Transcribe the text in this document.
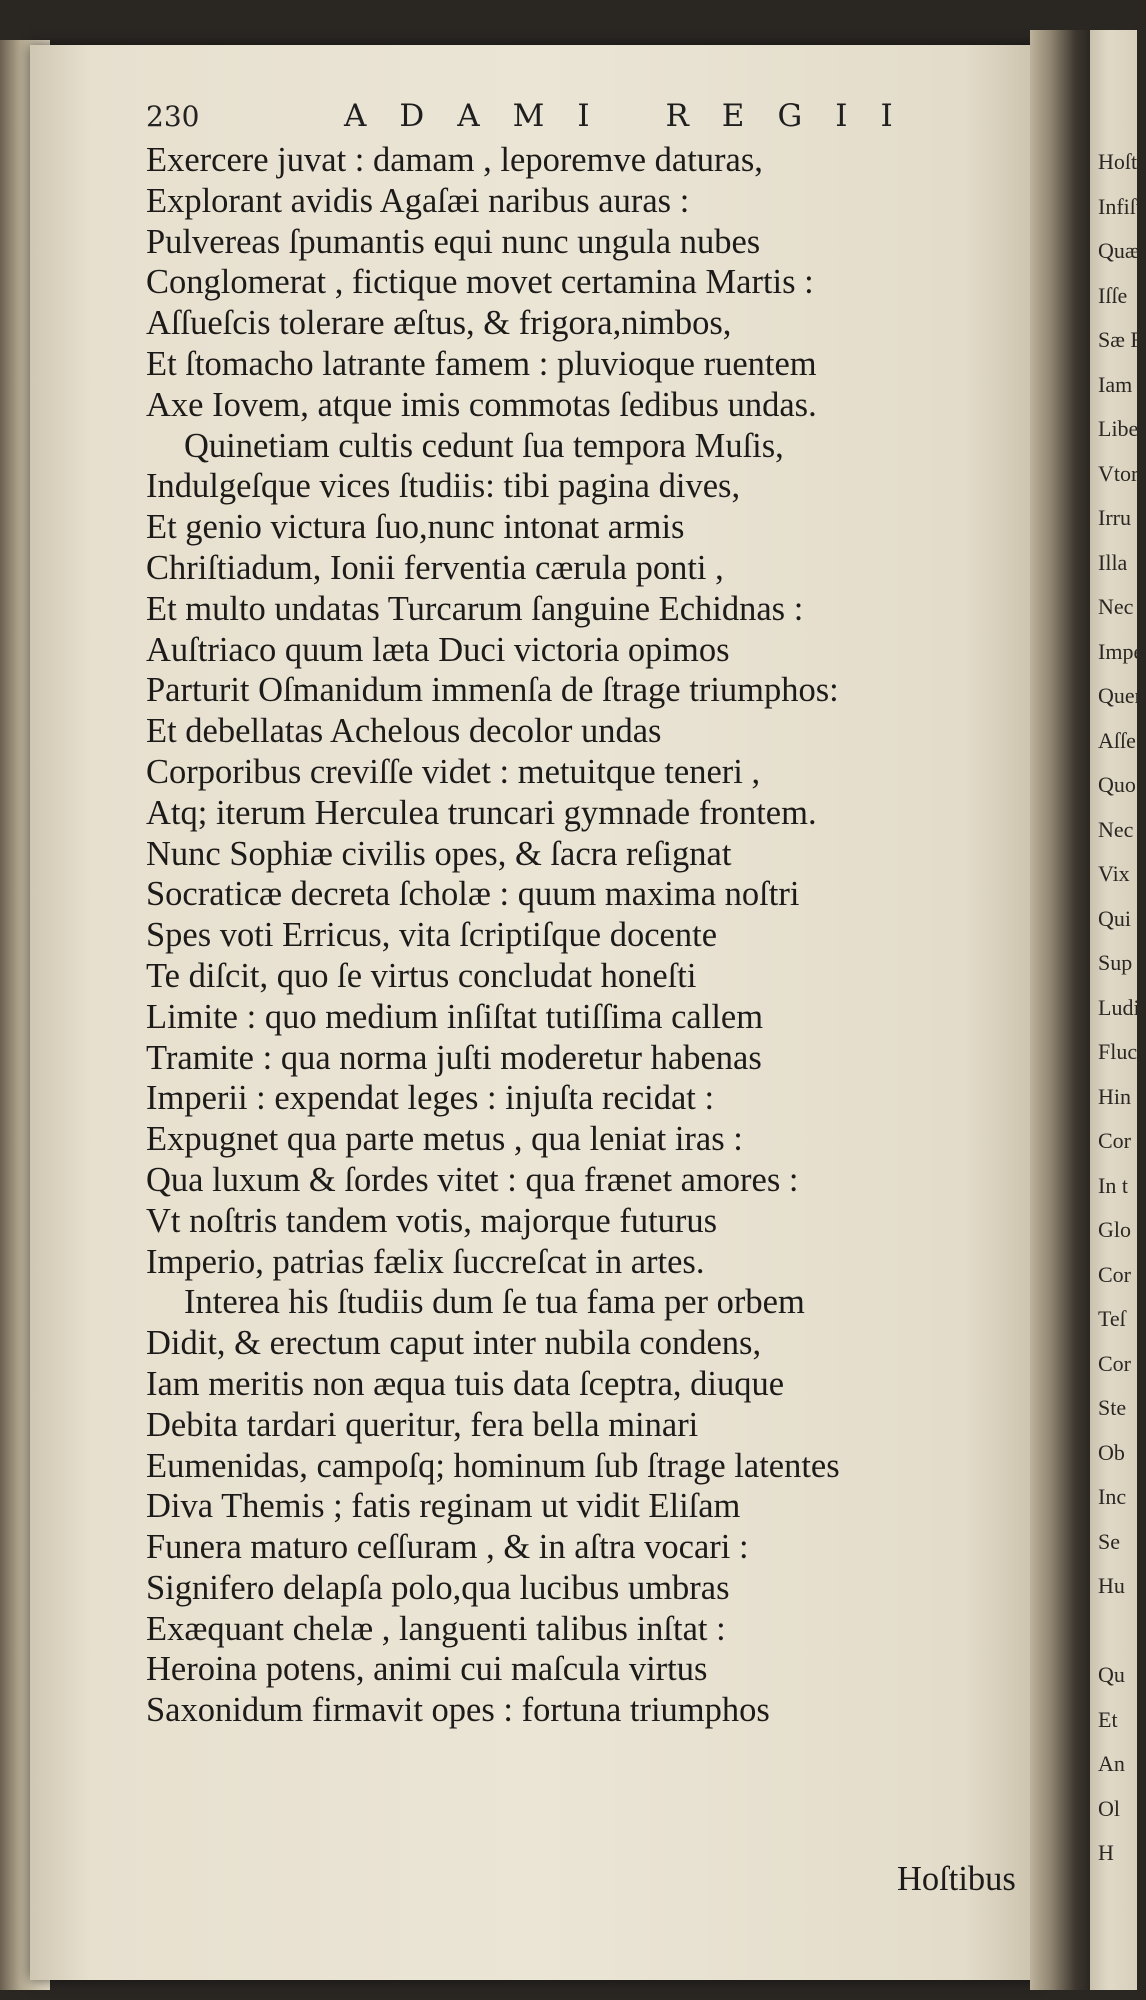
230	ADAMI REGII
Exercere juvat : damam , leporemve daturas,
Explorant avidis Agaſæi naribus auras :
Pulvereas ſpumantis equi nunc ungula nubes
Conglomerat , fictique movet certamina Martis :
Aſſueſcis tolerare æſtus, & frigora,nimbos,
Et ſtomacho latrante famem : pluvioque ruentem
Axe Iovem, atque imis commotas ſedibus undas.
Quinetiam cultis cedunt ſua tempora Muſis,
Indulgeſque vices ſtudiis: tibi pagina dives,
Et genio victura ſuo,nunc intonat armis
Chriſtiadum, Ionii ferventia cærula ponti ,
Et multo undatas Turcarum ſanguine Echidnas :
Auſtriaco quum læta Duci victoria opimos
Parturit Oſmanidum immenſa de ſtrage triumphos:
Et debellatas Achelous decolor undas
Corporibus creviſſe videt : metuitque teneri ,
Atq; iterum Herculea truncari gymnade frontem.
Nunc Sophiæ civilis opes, & ſacra reſignat
Socraticæ decreta ſcholæ : quum maxima noſtri
Spes voti Erricus, vita ſcriptiſque docente
Te diſcit, quo ſe virtus concludat honeſti
Limite : quo medium inſiſtat tutiſſima callem
Tramite : qua norma juſti moderetur habenas
Imperii : expendat leges : injuſta recidat :
Expugnet qua parte metus , qua leniat iras :
Qua luxum & ſordes vitet : qua frænet amores :
Vt noſtris tandem votis, majorque futurus
Imperio, patrias fælix ſuccreſcat in artes.
Interea his ſtudiis dum ſe tua fama per orbem
Didit, & erectum caput inter nubila condens,
Iam meritis non æqua tuis data ſceptra, diuque
Debita tardari queritur, fera bella minari
Eumenidas, campoſq; hominum ſub ſtrage latentes
Diva Themis ; fatis reginam ut vidit Eliſam
Funera maturo ceſſuram , & in aſtra vocari :
Signifero delapſa polo,qua lucibus umbras
Exæquant chelæ , languenti talibus inſtat :
Heroina potens, animi cui maſcula virtus
Saxonidum firmavit opes : fortuna triumphos
Hoſtibus
Hoſti
Infiſt
Quæ
Iſſe
Sæ F
Iam
Liber
Vtor
Irru
Illa
Nec
Impe
Quer
Aſſe
Quo
Nec
Vix
Qui
Sup
Ludi
Fluc
Hin
Cor
In t
Glo
Cor
Teſ
Cor
Ste
Ob
Inc
Se
Hu
Qu
Et
An
Ol
H
